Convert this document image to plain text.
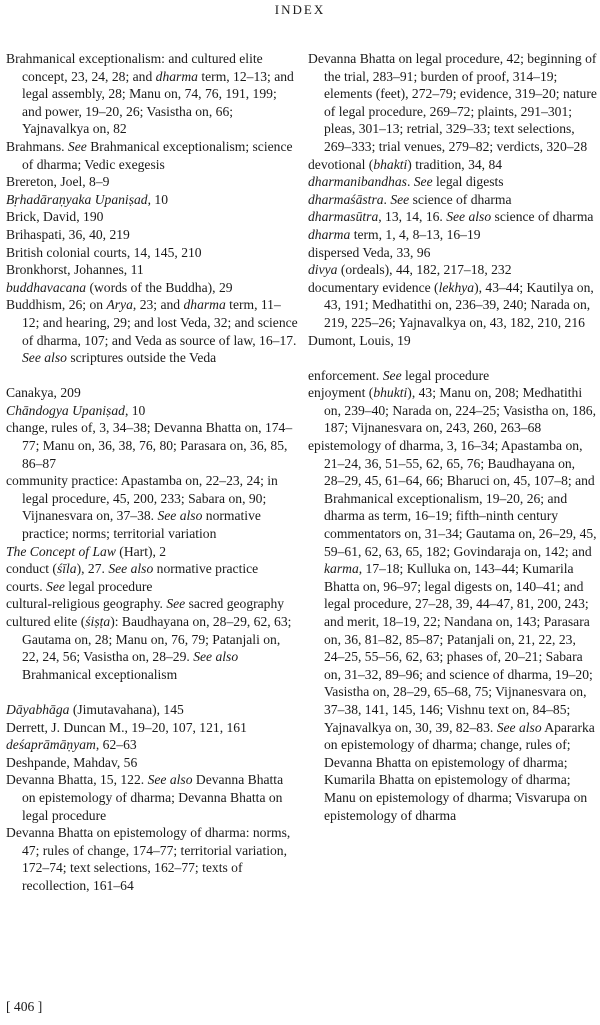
INDEX

Brahmanical exceptionalism: and cultured elite concept, 23, 24, 28; and dharma term, 12–13; and legal assembly, 28; Manu on, 74, 76, 191, 199; and power, 19–20, 26; Vasistha on, 66; Yajnavalkya on, 82

Brahmans. See Brahmanical exceptionalism; science of dharma; Vedic exegesis

Brereton, Joel, 8–9

Bṛhadāraṇyaka Upaniṣad, 10

Brick, David, 190

Brihaspati, 36, 40, 219

British colonial courts, 14, 145, 210

Bronkhorst, Johannes, 11

buddhavacana (words of the Buddha), 29

Buddhism, 26; on Arya, 23; and dharma term, 11–12; and hearing, 29; and lost Veda, 32; and science of dharma, 107; and Veda as source of law, 16–17. See also scriptures outside the Veda

Canakya, 209

Chāndogya Upaniṣad, 10

change, rules of, 3, 34–38; Devanna Bhatta on, 174–77; Manu on, 36, 38, 76, 80; Parasara on, 36, 85, 86–87

community practice: Apastamba on, 22–23, 24; in legal procedure, 45, 200, 233; Sabara on, 90; Vijnanesvara on, 37–38. See also normative practice; norms; territorial variation

The Concept of Law (Hart), 2

conduct (śīla), 27. See also normative practice

courts. See legal procedure

cultural-religious geography. See sacred geography

cultured elite (śiṣṭa): Baudhayana on, 28–29, 62, 63; Gautama on, 28; Manu on, 76, 79; Patanjali on, 22, 24, 56; Vasistha on, 28–29. See also Brahmanical exceptionalism

Dāyabhāga (Jimutavahana), 145

Derrett, J. Duncan M., 19–20, 107, 121, 161

deśaprāmāṇyam, 62–63

Deshpande, Mahdav, 56

Devanna Bhatta, 15, 122. See also Devanna Bhatta on epistemology of dharma; Devanna Bhatta on legal procedure

Devanna Bhatta on epistemology of dharma: norms, 47; rules of change, 174–77; territorial variation, 172–74; text selections, 162–77; texts of recollection, 161–64

Devanna Bhatta on legal procedure, 42; beginning of the trial, 283–91; burden of proof, 314–19; elements (feet), 272–79; evidence, 319–20; nature of legal procedure, 269–72; plaints, 291–301; pleas, 301–13; retrial, 329–33; text selections, 269–333; trial venues, 279–82; verdicts, 320–28

devotional (bhakti) tradition, 34, 84

dharmanibandhas. See legal digests

dharmaśāstra. See science of dharma

dharmasūtra, 13, 14, 16. See also science of dharma

dharma term, 1, 4, 8–13, 16–19

dispersed Veda, 33, 96

divya (ordeals), 44, 182, 217–18, 232

documentary evidence (lekhya), 43–44; Kautilya on, 43, 191; Medhatithi on, 236–39, 240; Narada on, 219, 225–26; Yajnavalkya on, 43, 182, 210, 216

Dumont, Louis, 19

enforcement. See legal procedure

enjoyment (bhukti), 43; Manu on, 208; Medhatithi on, 239–40; Narada on, 224–25; Vasistha on, 186, 187; Vijnanesvara on, 243, 260, 263–68

epistemology of dharma, 3, 16–34; Apastamba on, 21–24, 36, 51–55, 62, 65, 76; Baudhayana on, 28–29, 45, 61–64, 66; Bharuci on, 45, 107–8; and Brahmanical exceptionalism, 19–20, 26; and dharma as term, 16–19; fifth–ninth century commentators on, 31–34; Gautama on, 26–29, 45, 59–61, 62, 63, 65, 182; Govindaraja on, 142; and karma, 17–18; Kulluka on, 143–44; Kumarila Bhatta on, 96–97; legal digests on, 140–41; and legal procedure, 27–28, 39, 44–47, 81, 200, 243; and merit, 18–19, 22; Nandana on, 143; Parasara on, 36, 81–82, 85–87; Patanjali on, 21, 22, 23, 24–25, 55–56, 62, 63; phases of, 20–21; Sabara on, 31–32, 89–96; and science of dharma, 19–20; Vasistha on, 28–29, 65–68, 75; Vijnanesvara on, 37–38, 141, 145, 146; Vishnu text on, 84–85; Yajnavalkya on, 30, 39, 82–83. See also Apararka on epistemology of dharma; change, rules of; Devanna Bhatta on epistemology of dharma; Kumarila Bhatta on epistemology of dharma; Manu on epistemology of dharma; Visvarupa on epistemology of dharma

[ 406 ]
